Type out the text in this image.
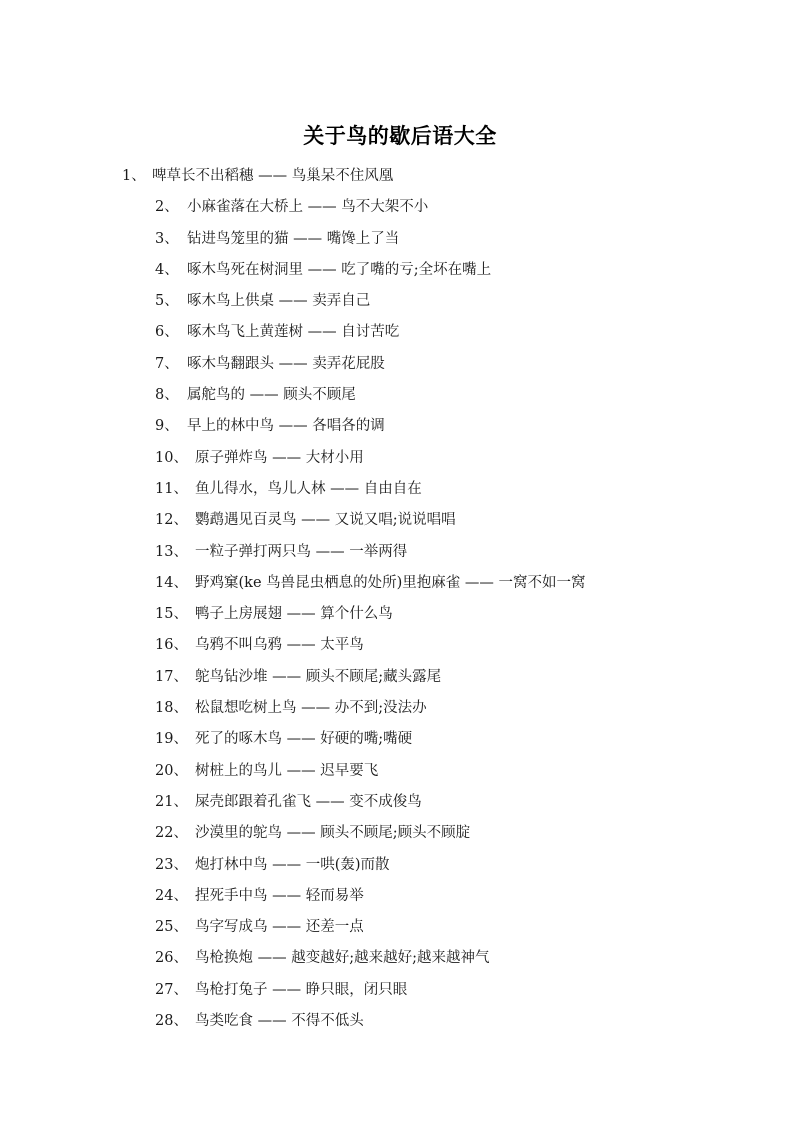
关于鸟的歇后语大全
1、 啤草长不出稻穗 —— 鸟巢呆不住风凰
2、 小麻雀落在大桥上 —— 鸟不大架不小
3、 钻进鸟笼里的猫 —— 嘴馋上了当
4、 啄木鸟死在树洞里 —— 吃了嘴的亏;全坏在嘴上
5、 啄木鸟上供桌 —— 卖弄自己
6、 啄木鸟飞上黄莲树 —— 自讨苦吃
7、 啄木鸟翻跟头 —— 卖弄花屁股
8、 属舵鸟的 —— 顾头不顾尾
9、 早上的林中鸟 —— 各唱各的调
10、 原子弹炸鸟 —— 大材小用
11、 鱼儿得水，鸟儿人林 —— 自由自在
12、 鹦鹉遇见百灵鸟 —— 又说又唱;说说唱唱
13、 一粒子弹打两只鸟 —— 一举两得
14、 野鸡窠(ke 鸟兽昆虫栖息的处所)里抱麻雀 —— 一窝不如一窝
15、 鸭子上房展翅 —— 算个什么鸟
16、 乌鸦不叫乌鸦 —— 太平鸟
17、 鸵鸟钻沙堆 —— 顾头不顾尾;藏头露尾
18、 松鼠想吃树上鸟 —— 办不到;没法办
19、 死了的啄木鸟 —— 好硬的嘴;嘴硬
20、 树桩上的鸟儿 —— 迟早要飞
21、 屎壳郎跟着孔雀飞 —— 变不成俊鸟
22、 沙漠里的鸵鸟 —— 顾头不顾尾;顾头不顾腚
23、 炮打林中鸟 —— 一哄(轰)而散
24、 捏死手中鸟 —— 轻而易举
25、 鸟字写成乌 —— 还差一点
26、 鸟枪换炮 —— 越变越好;越来越好;越来越神气
27、 鸟枪打兔子 —— 睁只眼，闭只眼
28、 鸟类吃食 —— 不得不低头
